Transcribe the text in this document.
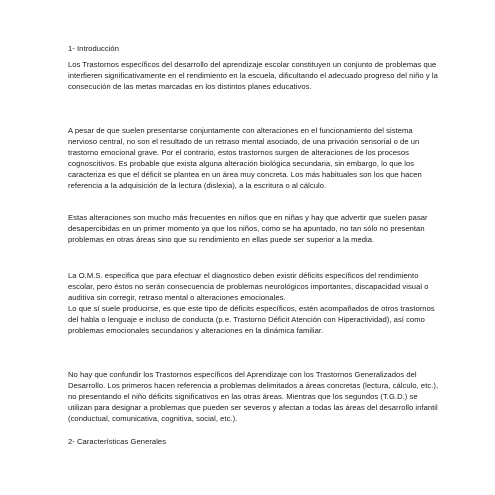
1- Introducción

Los Trastornos específicos del desarrollo del aprendizaje escolar constituyen un conjunto de problemas que interfieren significativamente en el rendimiento en la escuela, dificultando el adecuado progreso del niño y la consecución de las metas marcadas en los distintos planes educativos.

A pesar de que suelen presentarse conjuntamente con alteraciones en el funcionamiento del sistema nervioso central, no son el resultado de un retraso mental asociado, de una privación sensorial o de un trastorno emocional grave. Por el contrario, estos trastornos surgen de alteraciones de los procesos cognoscitivos. Es probable que exista alguna alteración biológica secundaria, sin embargo, lo que los caracteriza es que el déficit se plantea en un área muy concreta. Los más habituales son los que hacen referencia a la adquisición de la lectura (dislexia), a la escritura o al cálculo.

Estas alteraciones son mucho más frecuentes en niños que en niñas y hay que advertir que suelen pasar desapercibidas en un primer momento ya que los niños, como se ha apuntado, no tan sólo no presentan problemas en otras áreas sino que su rendimiento en ellas puede ser superior a la media.

La O.M.S. especifica que para efectuar el diagnostico deben existir déficits específicos del rendimiento escolar, pero éstos no serán consecuencia de problemas neurológicos importantes, discapacidad visual o auditiva sin corregir, retraso mental o alteraciones emocionales.

Lo que sí suele producirse, es que este tipo de déficits específicos, estén acompañados de otros trastornos del habla o lenguaje e incluso de conducta (p.e. Trastorno Déficit Atención con Hiperactividad), así como problemas emocionales secundarios y alteraciones en la dinámica familiar.

No hay que confundir los Trastornos específicos del Aprendizaje con los Trastornos Generalizados del Desarrollo. Los primeros hacen referencia a problemas delimitados a áreas concretas (lectura, cálculo, etc.), no presentando el niño déficits significativos en las otras áreas. Mientras que los segundos (T.G.D.) se utilizan para designar a problemas que pueden ser severos y afectan a todas las áreas del desarrollo infantil (conductual, comunicativa, cognitiva, social, etc.).

2- Características Generales
